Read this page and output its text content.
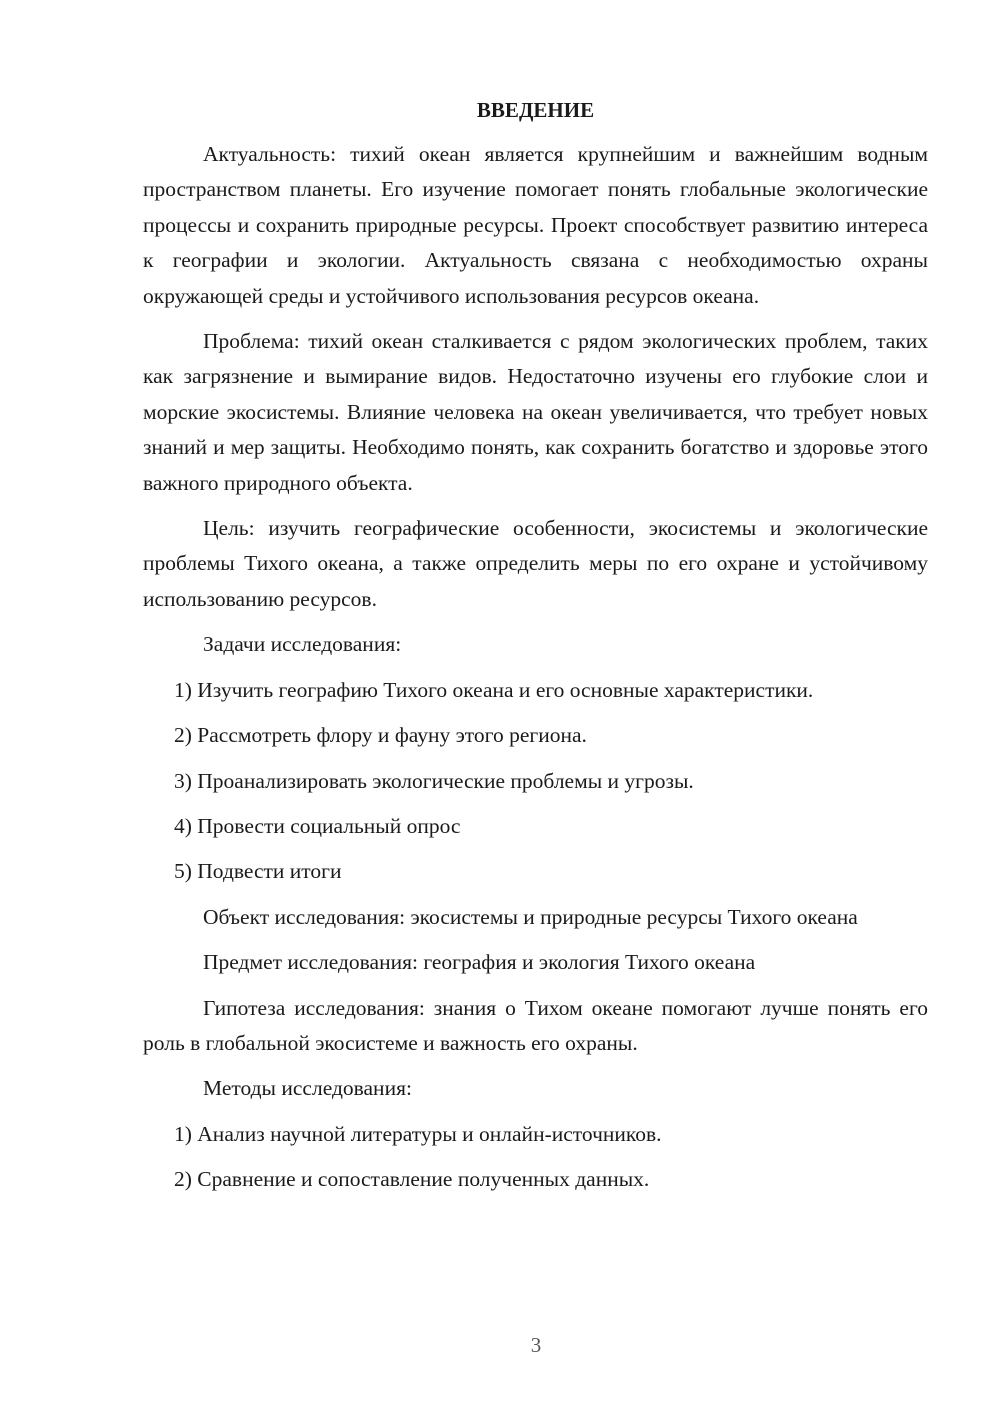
ВВЕДЕНИЕ

Актуальность: тихий океан является крупнейшим и важнейшим водным пространством планеты. Его изучение помогает понять глобальные экологические процессы и сохранить природные ресурсы. Проект способствует развитию интереса к географии и экологии. Актуальность связана с необходимостью охраны окружающей среды и устойчивого использования ресурсов океана.

Проблема: тихий океан сталкивается с рядом экологических проблем, таких как загрязнение и вымирание видов. Недостаточно изучены его глубокие слои и морские экосистемы. Влияние человека на океан увеличивается, что требует новых знаний и мер защиты. Необходимо понять, как сохранить богатство и здоровье этого важного природного объекта.

Цель: изучить географические особенности, экосистемы и экологические проблемы Тихого океана, а также определить меры по его охране и устойчивому использованию ресурсов.

Задачи исследования:
1) Изучить географию Тихого океана и его основные характеристики.
2) Рассмотреть флору и фауну этого региона.
3) Проанализировать экологические проблемы и угрозы.
4) Провести социальный опрос
5) Подвести итоги

Объект исследования: экосистемы и природные ресурсы Тихого океана

Предмет исследования: география и экология Тихого океана

Гипотеза исследования: знания о Тихом океане помогают лучше понять его роль в глобальной экосистеме и важность его охраны.

Методы исследования:
1) Анализ научной литературы и онлайн-источников.
2) Сравнение и сопоставление полученных данных.
3
